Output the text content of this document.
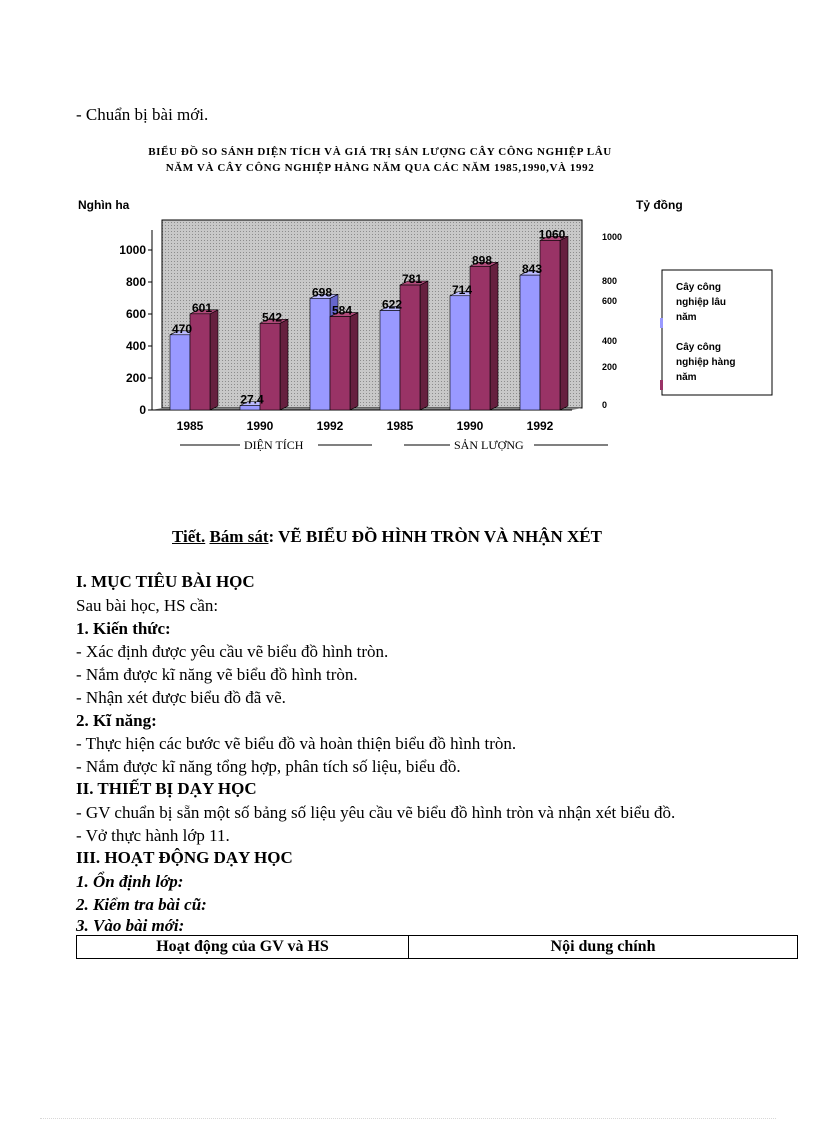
- Chuẩn bị bài mới.
BIỂU ĐỒ SO SÁNH DIỆN TÍCH VÀ GIÁ TRỊ SẢN LƯỢNG CÂY CÔNG NGHIỆP LÂU
NĂM VÀ CÂY CÔNG NGHIỆP HÀNG NĂM QUA CÁC NĂM 1985,1990,VÀ 1992
Nghìn ha	Tỷ đồng
1000
800
600
400
200
0
1000
800
600
400
200
0
470
601
27.4
542
698
584 622
781
714
898
843
1060
1985	1990	1992	1985	1990	1992
DIỆN TÍCH	SẢN LƯỢNG
Cây công nghiệp lâu năm
Cây công nghiệp hàng năm
Tiết. Bám sát: VẼ BIỂU ĐỒ HÌNH TRÒN VÀ NHẬN XÉT
I. MỤC TIÊU BÀI HỌC
Sau bài học, HS cần:
1. Kiến thức:
- Xác định được yêu cầu vẽ biểu đồ hình tròn.
- Nắm được kĩ năng vẽ biểu đồ hình tròn.
- Nhận xét được biểu đồ đã vẽ.
2. Kĩ năng:
- Thực hiện các bước vẽ biểu đồ và hoàn thiện biểu đồ hình tròn.
- Nắm được kĩ năng tổng hợp, phân tích số liệu, biểu đồ.
II. THIẾT BỊ DẠY HỌC
- GV chuẩn bị sẵn một số bảng số liệu yêu cầu vẽ biểu đồ hình tròn và nhận xét biểu đồ.
- Vở thực hành lớp 11.
III. HOẠT ĐỘNG DẠY HỌC
1. Ổn định lớp:
2. Kiểm tra bài cũ:
3. Vào bài mới:
Hoạt động của GV và HS	Nội dung chính
